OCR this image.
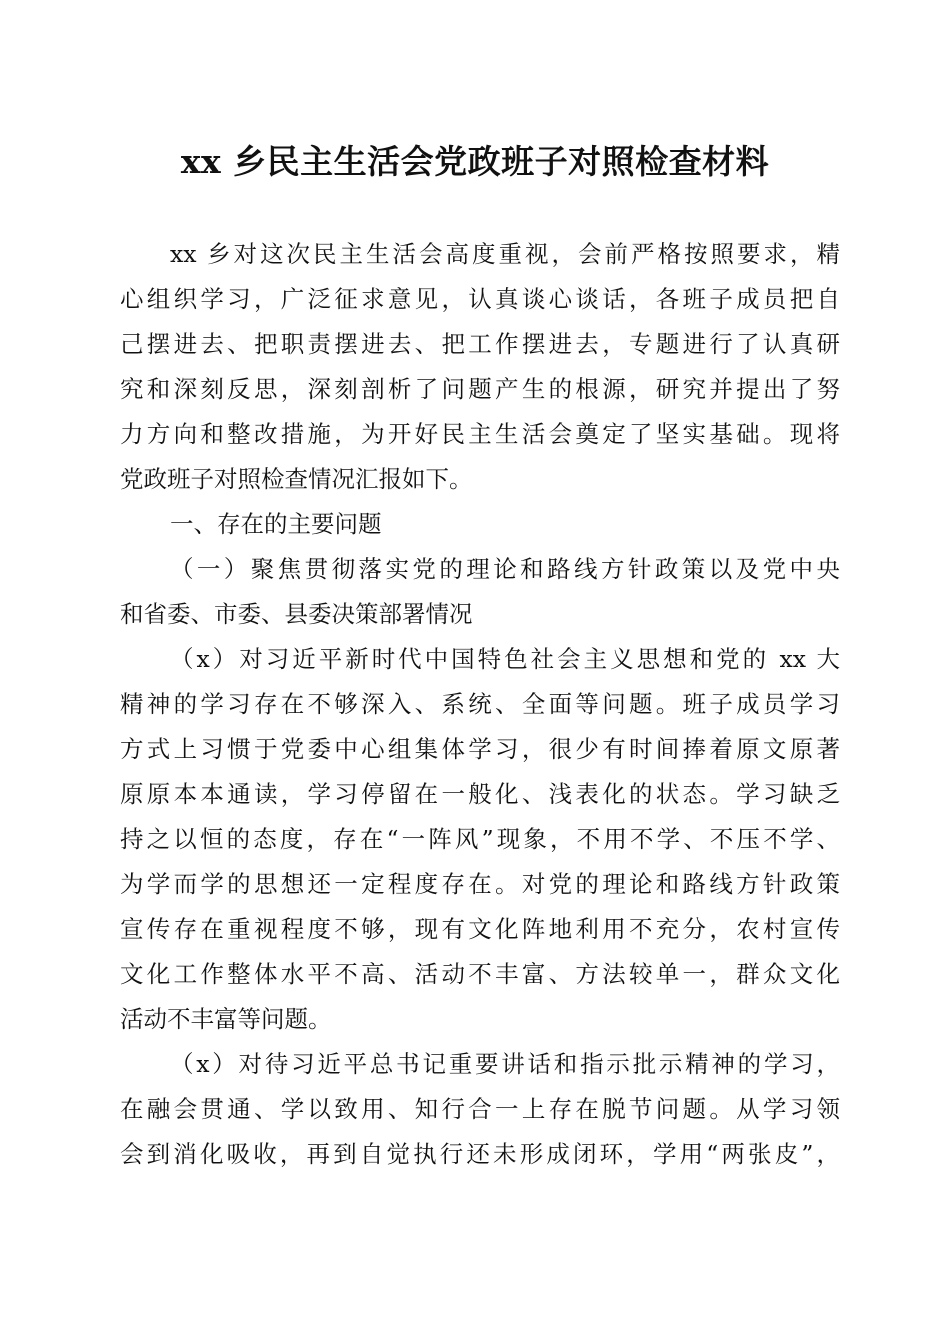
xx 乡民主生活会党政班子对照检查材料
xx 乡对这次民主生活会高度重视，会前严格按照要求，精
心组织学习，广泛征求意见，认真谈心谈话，各班子成员把自
己摆进去、把职责摆进去、把工作摆进去，专题进行了认真研
究和深刻反思，深刻剖析了问题产生的根源，研究并提出了努
力方向和整改措施，为开好民主生活会奠定了坚实基础。现将
党政班子对照检查情况汇报如下。
一、存在的主要问题
（一）聚焦贯彻落实党的理论和路线方针政策以及党中央
和省委、市委、县委决策部署情况
（x）对习近平新时代中国特色社会主义思想和党的 xx 大
精神的学习存在不够深入、系统、全面等问题。班子成员学习
方式上习惯于党委中心组集体学习，很少有时间捧着原文原著
原原本本通读，学习停留在一般化、浅表化的状态。学习缺乏
持之以恒的态度，存在“一阵风”现象，不用不学、不压不学、
为学而学的思想还一定程度存在。对党的理论和路线方针政策
宣传存在重视程度不够，现有文化阵地利用不充分，农村宣传
文化工作整体水平不高、活动不丰富、方法较单一，群众文化
活动不丰富等问题。
（x）对待习近平总书记重要讲话和指示批示精神的学习，
在融会贯通、学以致用、知行合一上存在脱节问题。从学习领
会到消化吸收，再到自觉执行还未形成闭环，学用“两张皮”，
